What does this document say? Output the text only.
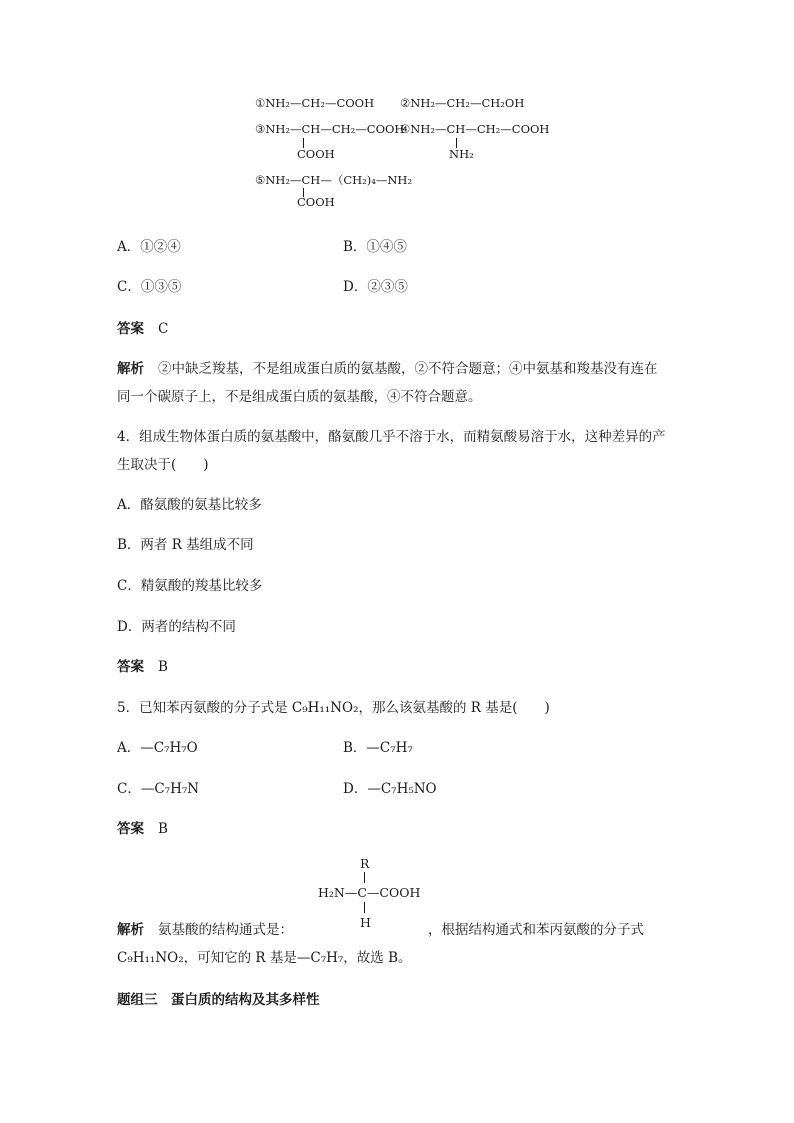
①NH₂—CH₂—COOH ②NH₂—CH₂—CH₂OH
③NH₂—CH—CH₂—COOH
COOH
④NH₂—CH—CH₂—COOH
NH₂
⑤NH₂—CH—（CH₂)₄—NH₂
COOH
A．①②④	B．①④⑤
C．①③⑤	D．②③⑤
答案 C
解析 ②中缺乏羧基，不是组成蛋白质的氨基酸，②不符合题意；④中氨基和羧基没有连在
同一个碳原子上，不是组成蛋白质的氨基酸，④不符合题意。
4．组成生物体蛋白质的氨基酸中，酪氨酸几乎不溶于水，而精氨酸易溶于水，这种差异的产
生取决于(　　)
A．酪氨酸的氨基比较多
B．两者 R 基组成不同
C．精氨酸的羧基比较多
D．两者的结构不同
答案 B
5．已知苯丙氨酸的分子式是 C₉H₁₁NO₂，那么该氨基酸的 R 基是(　　)
A．—C₇H₇O	B．—C₇H₇
C．—C₇H₇N	D．—C₇H₅NO
答案 B
R
H₂N—C—COOH
H
解析 氨基酸的结构通式是：	，根据结构通式和苯丙氨酸的分子式
C₉H₁₁NO₂，可知它的 R 基是—C₇H₇，故选 B。
题组三　蛋白质的结构及其多样性
